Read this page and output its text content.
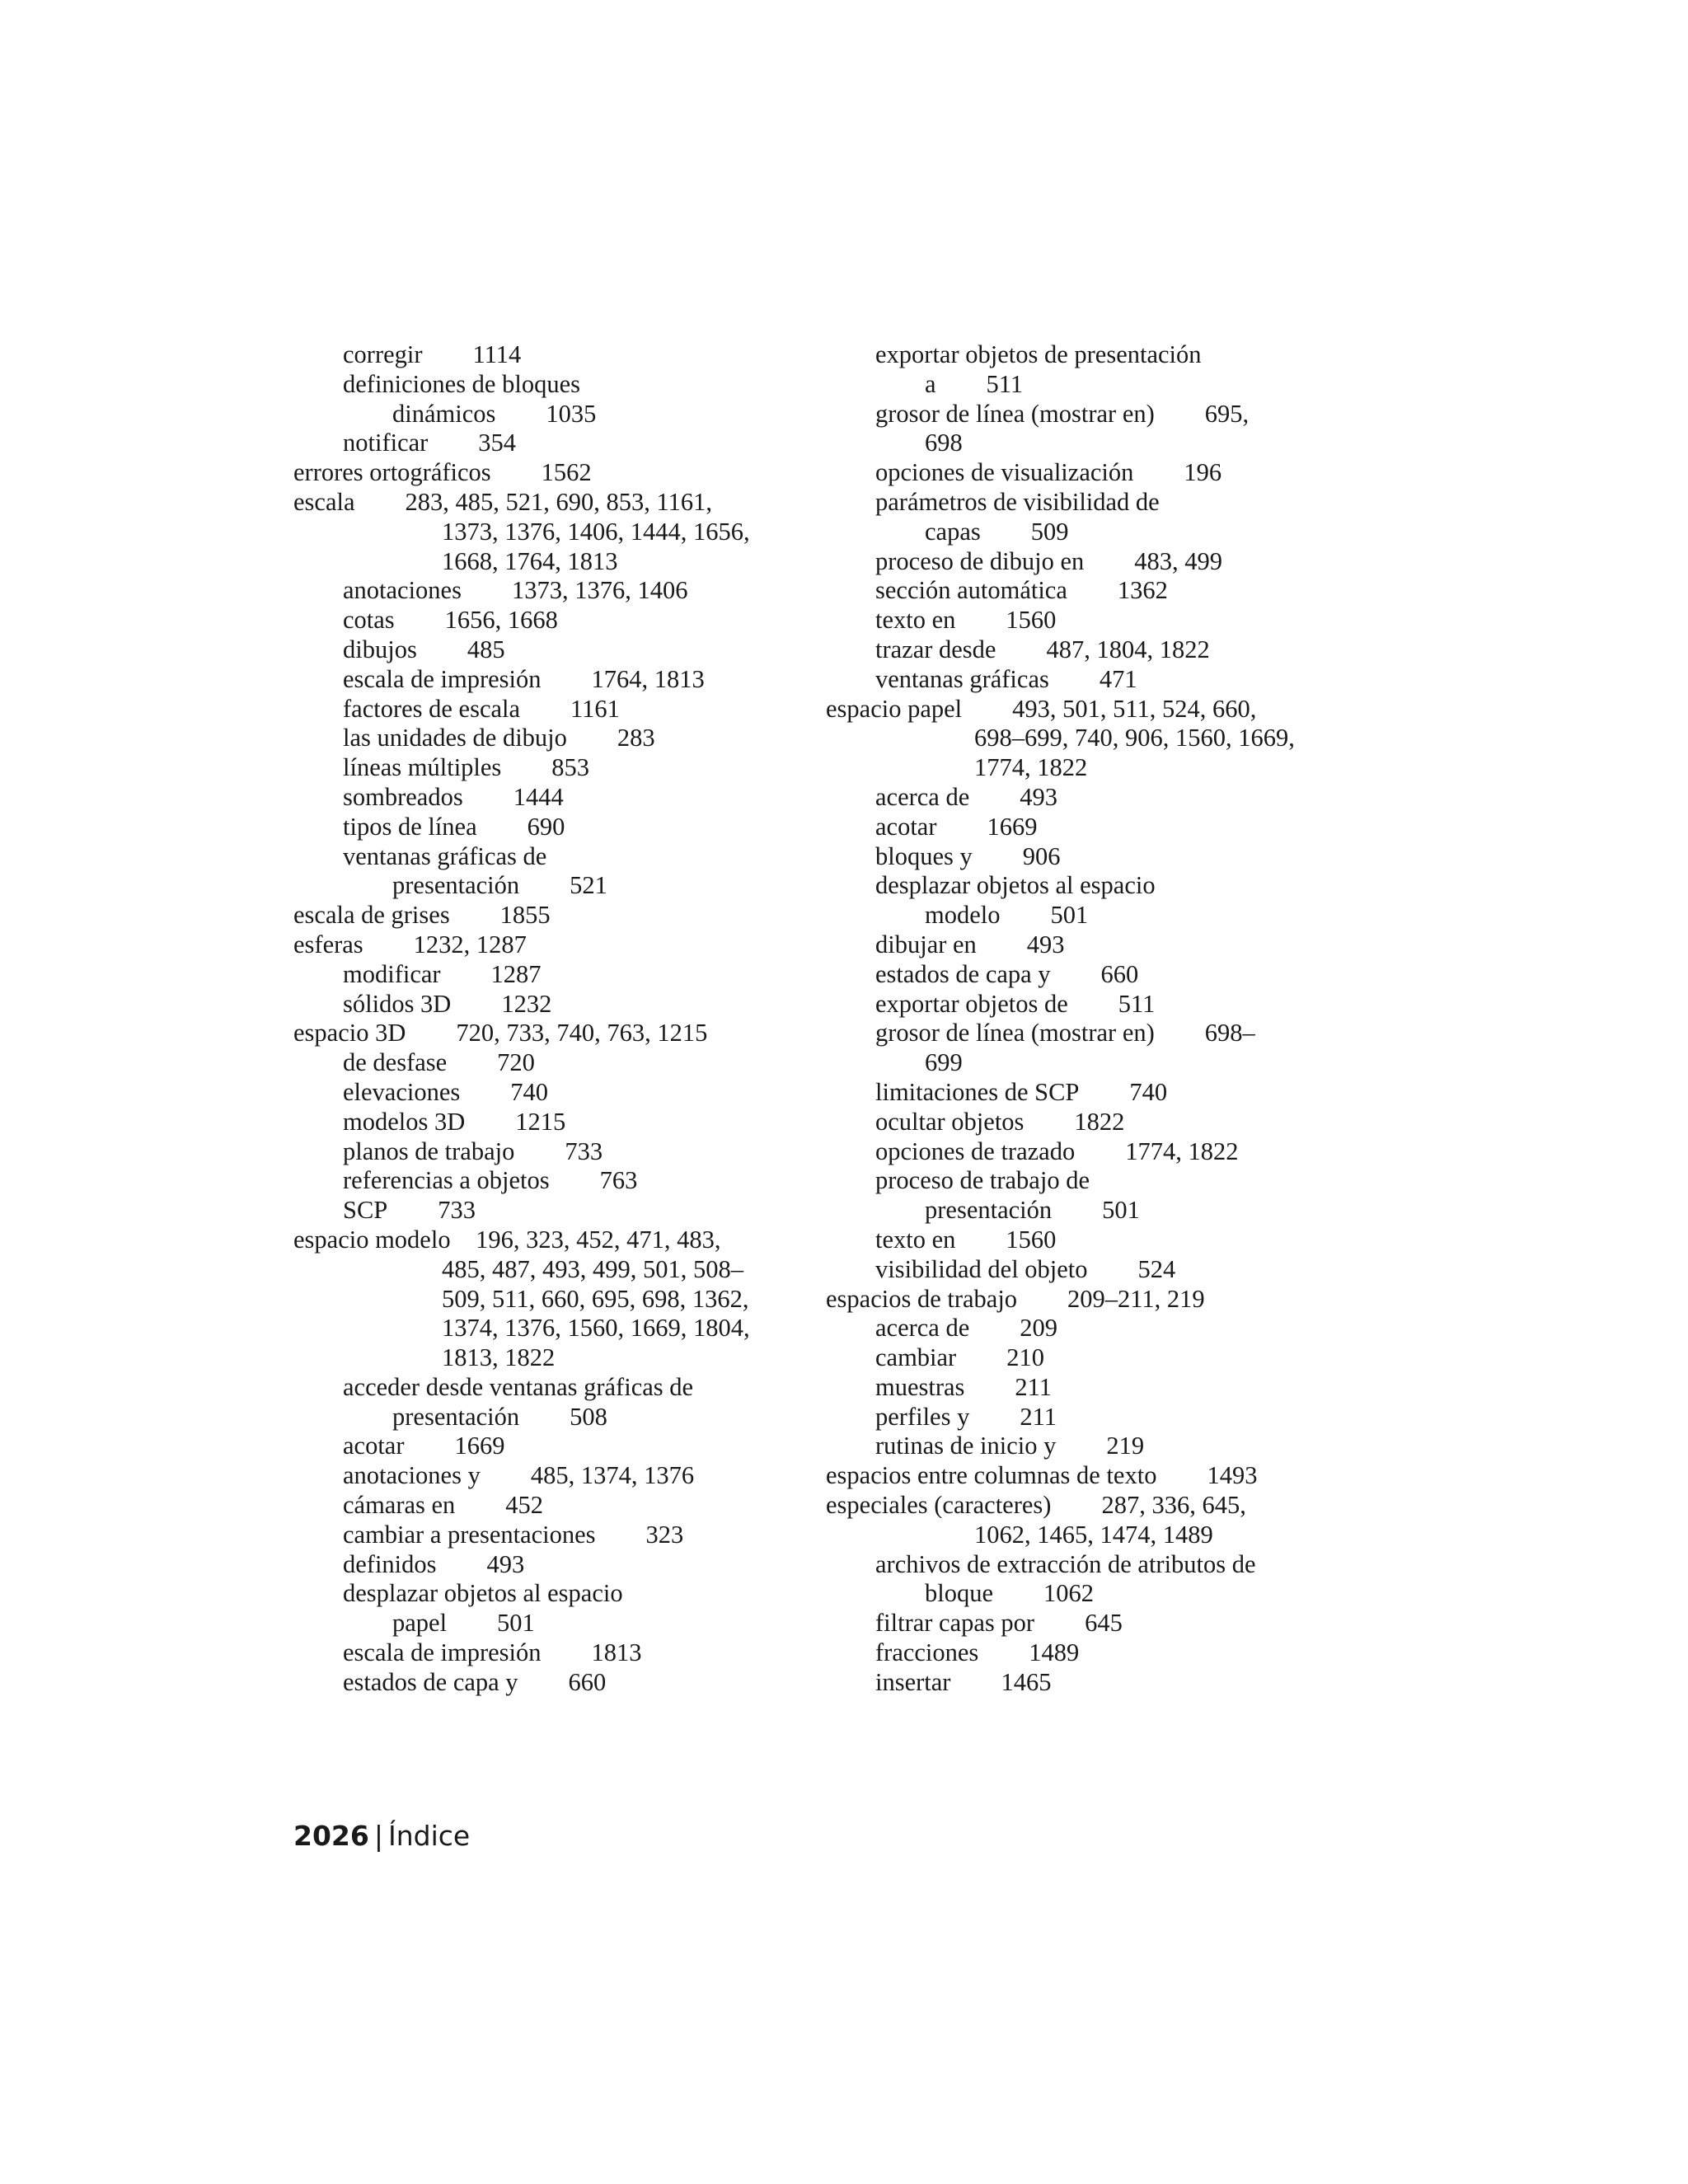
corregir  1114
definiciones de bloques
dinámicos  1035
notificar  354
errores ortográficos  1562
escala  283, 485, 521, 690, 853, 1161,
1373, 1376, 1406, 1444, 1656,
1668, 1764, 1813
anotaciones  1373, 1376, 1406
cotas  1656, 1668
dibujos  485
escala de impresión  1764, 1813
factores de escala  1161
las unidades de dibujo  283
líneas múltiples  853
sombreados  1444
tipos de línea  690
ventanas gráficas de
presentación  521
escala de grises  1855
esferas  1232, 1287
modificar  1287
sólidos 3D  1232
espacio 3D  720, 733, 740, 763, 1215
de desfase  720
elevaciones  740
modelos 3D  1215
planos de trabajo  733
referencias a objetos  763
SCP  733
espacio modelo 196, 323, 452, 471, 483,
485, 487, 493, 499, 501, 508–
509, 511, 660, 695, 698, 1362,
1374, 1376, 1560, 1669, 1804,
1813, 1822
acceder desde ventanas gráficas de
presentación  508
acotar  1669
anotaciones y  485, 1374, 1376
cámaras en  452
cambiar a presentaciones  323
definidos  493
desplazar objetos al espacio
papel  501
escala de impresión  1813
estados de capa y  660
exportar objetos de presentación
a  511
grosor de línea (mostrar en)  695,
698
opciones de visualización  196
parámetros de visibilidad de
capas  509
proceso de dibujo en  483, 499
sección automática  1362
texto en  1560
trazar desde  487, 1804, 1822
ventanas gráficas  471
espacio papel  493, 501, 511, 524, 660,
698–699, 740, 906, 1560, 1669,
1774, 1822
acerca de  493
acotar  1669
bloques y  906
desplazar objetos al espacio
modelo  501
dibujar en  493
estados de capa y  660
exportar objetos de  511
grosor de línea (mostrar en)  698–
699
limitaciones de SCP  740
ocultar objetos  1822
opciones de trazado  1774, 1822
proceso de trabajo de
presentación  501
texto en  1560
visibilidad del objeto  524
espacios de trabajo  209–211, 219
acerca de  209
cambiar  210
muestras  211
perfiles y  211
rutinas de inicio y  219
espacios entre columnas de texto  1493
especiales (caracteres)  287, 336, 645,
1062, 1465, 1474, 1489
archivos de extracción de atributos de
bloque  1062
filtrar capas por  645
fracciones  1489
insertar  1465
2026 | Índice
